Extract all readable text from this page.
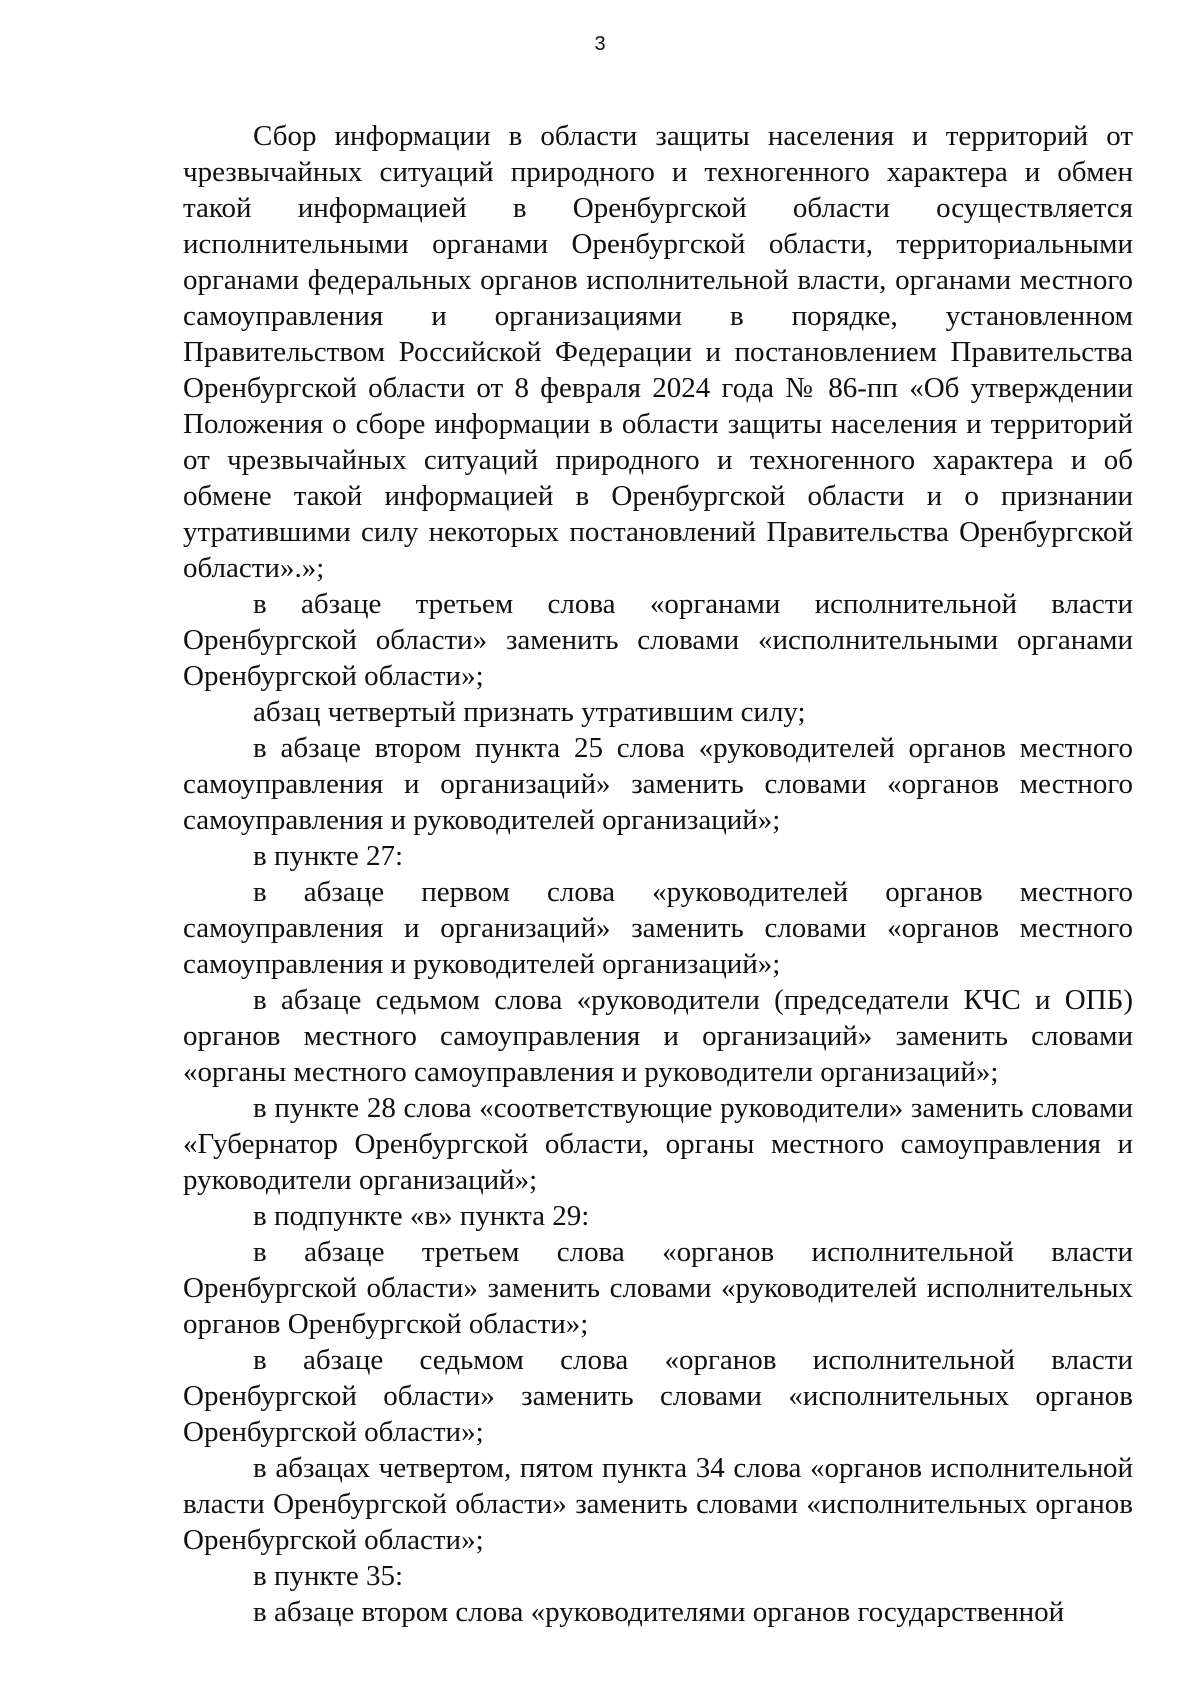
3

Сбор информации в области защиты населения и территорий от чрезвычайных ситуаций природного и техногенного характера и обмен такой информацией в Оренбургской области осуществляется исполнительными органами Оренбургской области, территориальными органами федеральных органов исполнительной власти, органами местного самоуправления и организациями в порядке, установленном Правительством Российской Федерации и постановлением Правительства Оренбургской области от 8 февраля 2024 года № 86-пп «Об утверждении Положения о сборе информации в области защиты населения и территорий от чрезвычайных ситуаций природного и техногенного характера и об обмене такой информацией в Оренбургской области и о признании утратившими силу некоторых постановлений Правительства Оренбургской области».»;

в абзаце третьем слова «органами исполнительной власти Оренбургской области» заменить словами «исполнительными органами Оренбургской области»;

абзац четвертый признать утратившим силу;

в абзаце втором пункта 25 слова «руководителей органов местного самоуправления и организаций» заменить словами «органов местного самоуправления и руководителей организаций»;

в пункте 27:

в абзаце первом слова «руководителей органов местного самоуправления и организаций» заменить словами «органов местного самоуправления и руководителей организаций»;

в абзаце седьмом слова «руководители (председатели КЧС и ОПБ) органов местного самоуправления и организаций» заменить словами «органы местного самоуправления и руководители организаций»;

в пункте 28 слова «соответствующие руководители» заменить словами «Губернатор Оренбургской области, органы местного самоуправления и руководители организаций»;

в подпункте «в» пункта 29:

в абзаце третьем слова «органов исполнительной власти Оренбургской области» заменить словами «руководителей исполнительных органов Оренбургской области»;

в абзаце седьмом слова «органов исполнительной власти Оренбургской области» заменить словами «исполнительных органов Оренбургской области»;

в абзацах четвертом, пятом пункта 34 слова «органов исполнительной власти Оренбургской области» заменить словами «исполнительных органов Оренбургской области»;

в пункте 35:

в абзаце втором слова «руководителями органов государственной
